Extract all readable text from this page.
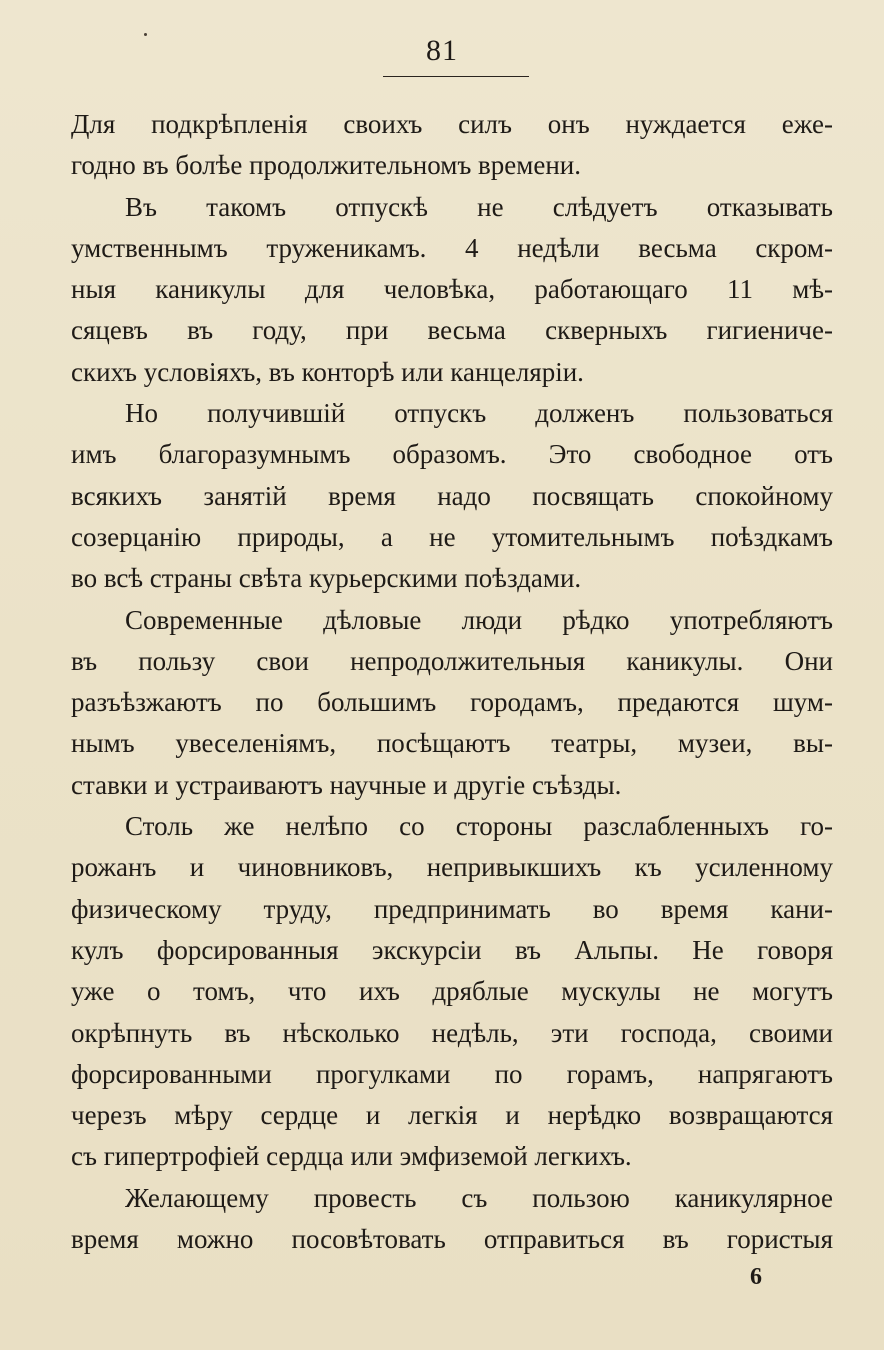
81
Для подкрѣпленія своихъ силъ онъ нуждается еже-
годно въ болѣе продолжительномъ времени.
Въ такомъ отпускѣ не слѣдуетъ отказывать
умственнымъ труженикамъ. 4 недѣли весьма скром-
ныя каникулы для человѣка, работающаго 11 мѣ-
сяцевъ въ году, при весьма скверныхъ гигиениче-
скихъ условіяхъ, въ конторѣ или канцеляріи.
Но получившій отпускъ долженъ пользоваться
имъ благоразумнымъ образомъ. Это свободное отъ
всякихъ занятій время надо посвящать спокойному
созерцанію природы, а не утомительнымъ поѣздкамъ
во всѣ страны свѣта курьерскими поѣздами.
Современные дѣловые люди рѣдко употребляютъ
въ пользу свои непродолжительныя каникулы. Они
разъѣзжаютъ по большимъ городамъ, предаются шум-
нымъ увеселеніямъ, посѣщаютъ театры, музеи, вы-
ставки и устраиваютъ научные и другіе съѣзды.
Столь же нелѣпо со стороны разслабленныхъ го-
рожанъ и чиновниковъ, непривыкшихъ къ усиленному
физическому труду, предпринимать во время кани-
кулъ форсированныя экскурсіи въ Альпы. Не говоря
уже о томъ, что ихъ дряблые мускулы не могутъ
окрѣпнуть въ нѣсколько недѣль, эти господа, своими
форсированными прогулками по горамъ, напрягаютъ
черезъ мѣру сердце и легкія и нерѣдко возвращаются
съ гипертрофіей сердца или эмфиземой легкихъ.
Желающему провесть съ пользою каникулярное
время можно посовѣтовать отправиться въ гористыя
6
